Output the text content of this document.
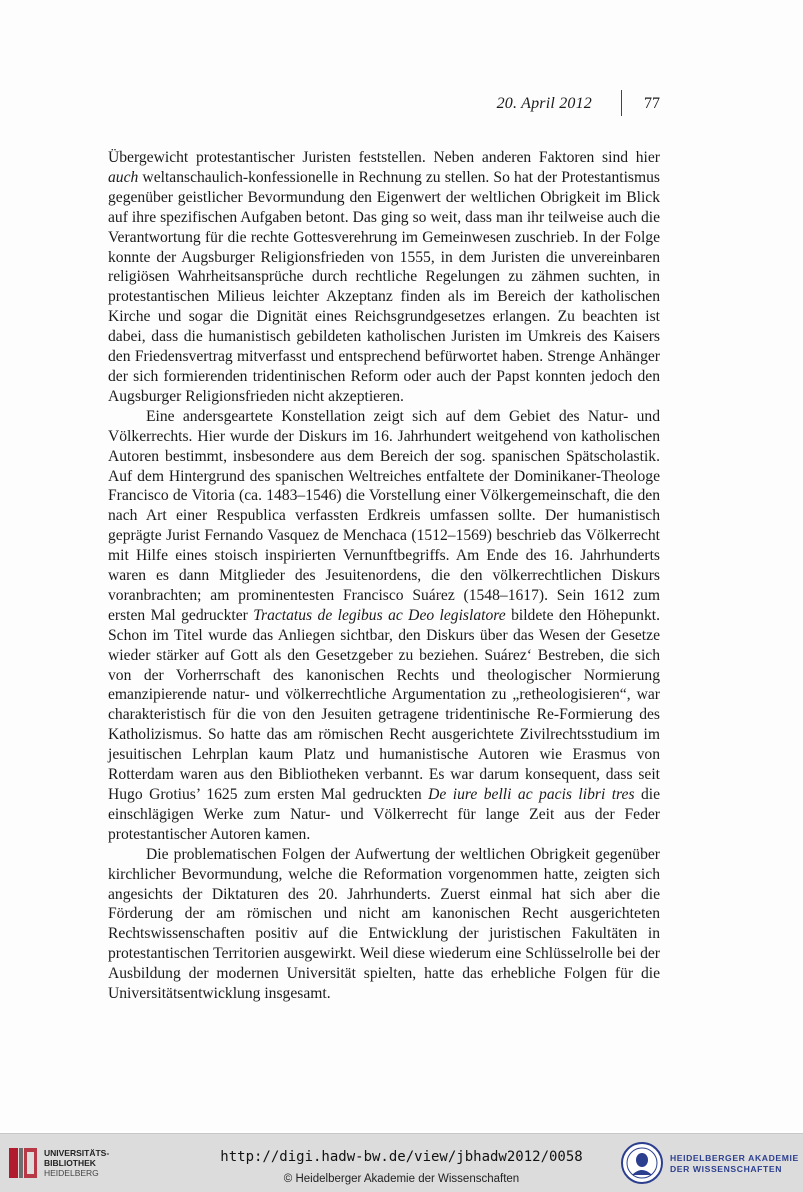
20. April 2012	77

Übergewicht protestantischer Juristen feststellen. Neben anderen Faktoren sind hier auch weltanschaulich-konfessionelle in Rechnung zu stellen. So hat der Protestantismus gegenüber geistlicher Bevormundung den Eigenwert der weltlichen Obrigkeit im Blick auf ihre spezifischen Aufgaben betont. Das ging so weit, dass man ihr teilweise auch die Verantwortung für die rechte Gottesverehrung im Gemeinwesen zuschrieb. In der Folge konnte der Augsburger Religionsfrieden von 1555, in dem Juristen die unvereinbaren religiösen Wahrheitsansprüche durch rechtliche Regelungen zu zähmen suchten, in protestantischen Milieus leichter Akzeptanz finden als im Bereich der katholischen Kirche und sogar die Dignität eines Reichsgrundgesetzes erlangen. Zu beachten ist dabei, dass die humanistisch gebildeten katholischen Juristen im Umkreis des Kaisers den Friedensvertrag mitverfasst und entsprechend befürwortet haben. Strenge Anhänger der sich formierenden tridentinischen Reform oder auch der Papst konnten jedoch den Augsburger Religionsfrieden nicht akzeptieren.

Eine andersgeartete Konstellation zeigt sich auf dem Gebiet des Natur- und Völkerrechts. Hier wurde der Diskurs im 16. Jahrhundert weitgehend von katholischen Autoren bestimmt, insbesondere aus dem Bereich der sog. spanischen Spätscholastik. Auf dem Hintergrund des spanischen Weltreiches entfaltete der Dominikaner-Theologe Francisco de Vitoria (ca. 1483–1546) die Vorstellung einer Völkergemeinschaft, die den nach Art einer Respublica verfassten Erdkreis umfassen sollte. Der humanistisch geprägte Jurist Fernando Vasquez de Menchaca (1512–1569) beschrieb das Völkerrecht mit Hilfe eines stoisch inspirierten Vernunftbegriffs. Am Ende des 16. Jahrhunderts waren es dann Mitglieder des Jesuitenordens, die den völkerrechtlichen Diskurs voranbrachten; am prominentesten Francisco Suárez (1548–1617). Sein 1612 zum ersten Mal gedruckter Tractatus de legibus ac Deo legislatore bildete den Höhepunkt. Schon im Titel wurde das Anliegen sichtbar, den Diskurs über das Wesen der Gesetze wieder stärker auf Gott als den Gesetzgeber zu beziehen. Suárez‘ Bestreben, die sich von der Vorherrschaft des kanonischen Rechts und theologischer Normierung emanzipierende natur- und völkerrechtliche Argumentation zu „retheologisieren“, war charakteristisch für die von den Jesuiten getragene tridentinische Re-Formierung des Katholizismus. So hatte das am römischen Recht ausgerichtete Zivilrechtsstudium im jesuitischen Lehrplan kaum Platz und humanistische Autoren wie Erasmus von Rotterdam waren aus den Bibliotheken verbannt. Es war darum konsequent, dass seit Hugo Grotius’ 1625 zum ersten Mal gedruckten De iure belli ac pacis libri tres die einschlägigen Werke zum Natur- und Völkerrecht für lange Zeit aus der Feder protestantischer Autoren kamen.

Die problematischen Folgen der Aufwertung der weltlichen Obrigkeit gegenüber kirchlicher Bevormundung, welche die Reformation vorgenommen hatte, zeigten sich angesichts der Diktaturen des 20. Jahrhunderts. Zuerst einmal hat sich aber die Förderung der am römischen und nicht am kanonischen Recht ausgerichteten Rechtswissenschaften positiv auf die Entwicklung der juristischen Fakultäten in protestantischen Territorien ausgewirkt. Weil diese wiederum eine Schlüsselrolle bei der Ausbildung der modernen Universität spielten, hatte das erhebliche Folgen für die Universitätsentwicklung insgesamt.

UNIVERSITÄTS-
BIBLIOTHEK
HEIDELBERG
http://digi.hadw-bw.de/view/jbhadw2012/0058
© Heidelberger Akademie der Wissenschaften
HEIDELBERGER AKADEMIE
DER WISSENSCHAFTEN
